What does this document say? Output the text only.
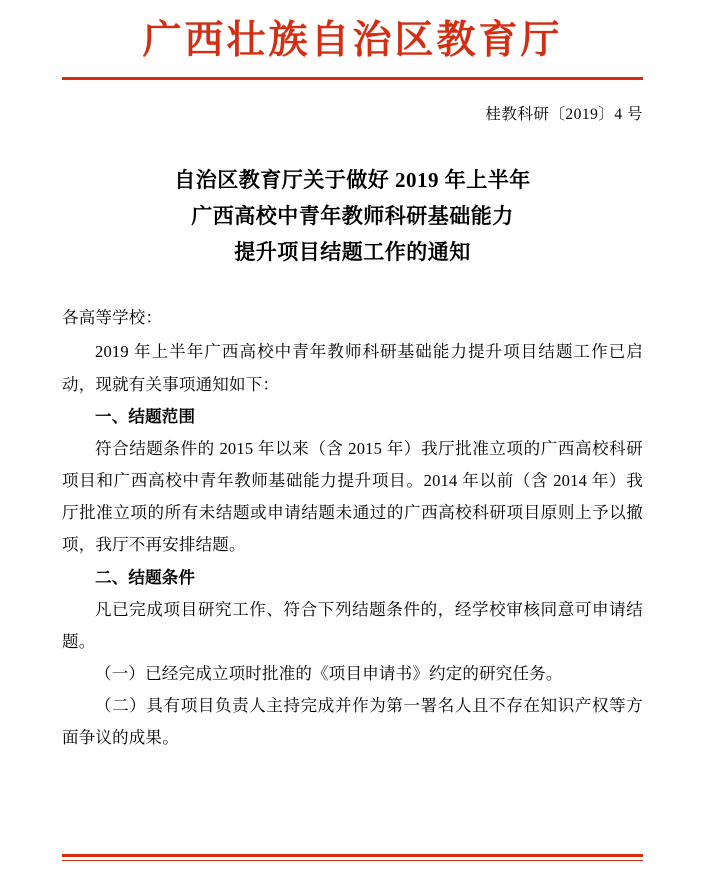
广西壮族自治区教育厅
桂教科研〔2019〕4 号
自治区教育厅关于做好 2019 年上半年
广西高校中青年教师科研基础能力
提升项目结题工作的通知

各高等学校：

2019 年上半年广西高校中青年教师科研基础能力提升项目结题工作已启动，现就有关事项通知如下：

一、结题范围

符合结题条件的 2015 年以来（含 2015 年）我厅批准立项的广西高校科研项目和广西高校中青年教师基础能力提升项目。2014 年以前（含 2014 年）我厅批准立项的所有未结题或申请结题未通过的广西高校科研项目原则上予以撤项，我厅不再安排结题。

二、结题条件

凡已完成项目研究工作、符合下列结题条件的，经学校审核同意可申请结题。

（一）已经完成立项时批准的《项目申请书》约定的研究任务。

（二）具有项目负责人主持完成并作为第一署名人且不存在知识产权等方面争议的成果。
